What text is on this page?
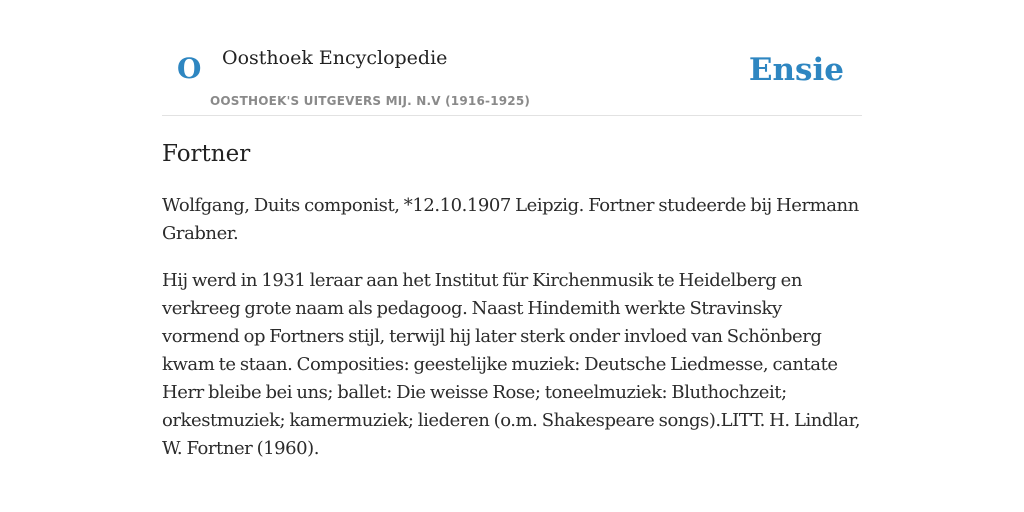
O Oosthoek Encyclopedie
OOSTHOEK'S UITGEVERS MIJ. N.V (1916-1925)
Ensie
Fortner

Wolfgang, Duits componist, *12.10.1907 Leipzig. Fortner studeerde bij Hermann Grabner.

Hij werd in 1931 leraar aan het Institut für Kirchenmusik te Heidelberg en verkreeg grote naam als pedagoog. Naast Hindemith werkte Stravinsky vormend op Fortners stijl, terwijl hij later sterk onder invloed van Schönberg kwam te staan. Composities: geestelijke muziek: Deutsche Liedmesse, cantate Herr bleibe bei uns; ballet: Die weisse Rose; toneelmuziek: Bluthochzeit; orkestmuziek; kamermuziek; liederen (o.m. Shakespeare songs).LITT. H. Lindlar, W. Fortner (1960).
